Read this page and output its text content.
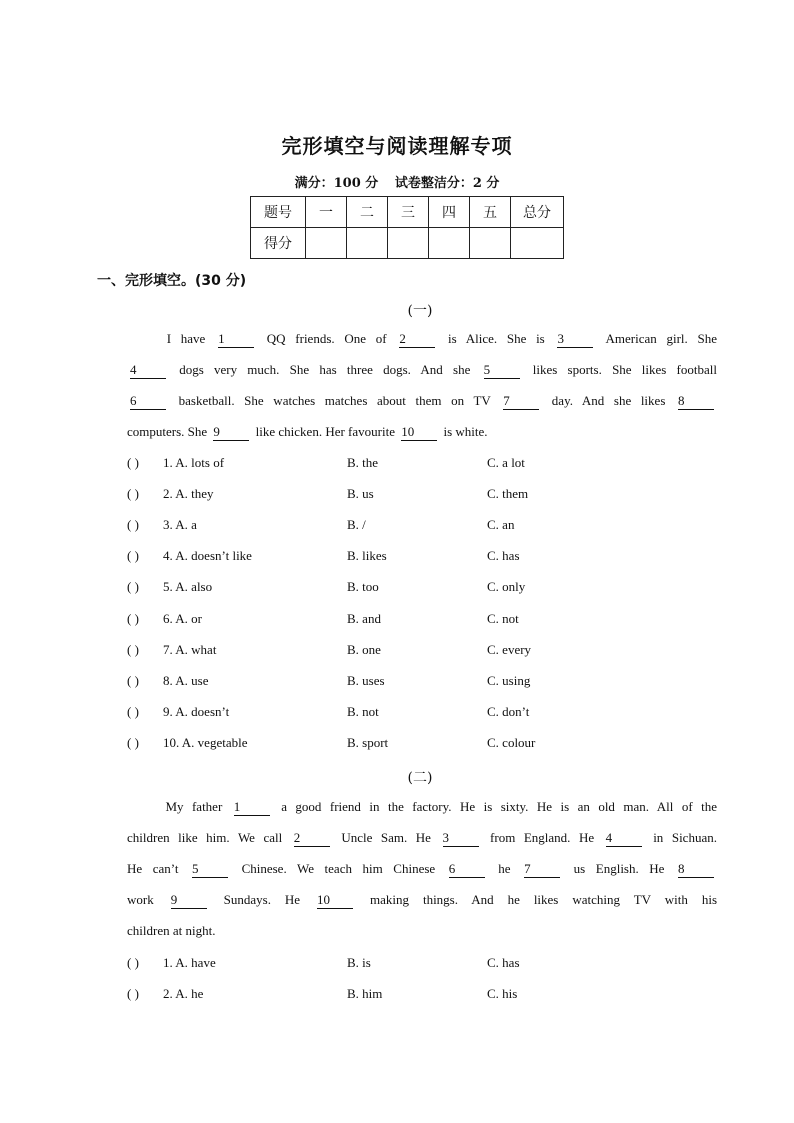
完形填空与阅读理解专项
满分：100 分 试卷整洁分：2 分
题号	一	二	三	四	五	总分
得分						
一、完形填空。(30 分)
(一)
I have 1	QQ friends. One of 2	is Alice. She is 3	American girl. She
4	dogs very much. She has three dogs. And she 5	likes sports. She likes football
6	basketball. She watches matches about them on TV 7	day. And she likes 8
computers. She 9	like chicken. Her favourite 10 is white.
( ) 1. A. lots of	B. the	C. a lot
( ) 2. A. they	B. us	C. them
( ) 3. A. a	B. /	C. an
( ) 4. A. doesn’t like	B. likes	C. has
( ) 5. A. also	B. too	C. only
( ) 6. A. or	B. and	C. not
( ) 7. A. what	B. one	C. every
( ) 8. A. use	B. uses	C. using
( ) 9. A. doesn’t	B. not	C. don’t
( ) 10. A. vegetable	B. sport	C. colour
(二)
My father 1	a good friend in the factory. He is sixty. He is an old man. All of the
children like him. We call 2	Uncle Sam. He 3	from England. He 4	in Sichuan.
He can’t 5	Chinese. We teach him Chinese 6	he 7	us English. He 8
work 9	Sundays. He 10 making things. And he likes watching TV with his
children at night.
( ) 1. A. have	B. is	C. has
( ) 2. A. he	B. him	C. his
